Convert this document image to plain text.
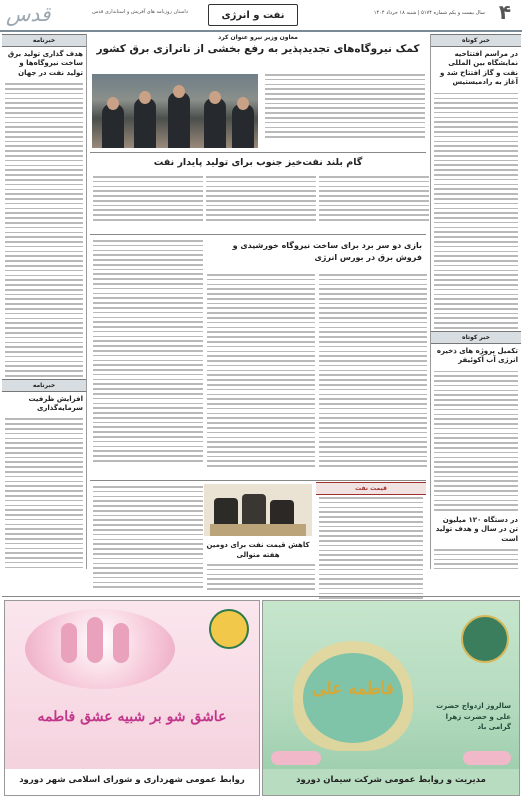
قدس	داستان روزنامه های آفریش و استانداری قدس	نفت و انرژی	سال بیست و یکم شماره ۵۱۷۴ | شنبه ۱۸ خرداد ۱۴۰۴ ۴
خبر کوتاه
در مراسم افتتاحیه نمایشگاه بین المللی نفت و گاز افتتاح شد و آغاز به رادمیستیس
خبر کوتاه
تکمیل پروژه های ذخیره انرژی آب آکوئیفر
در دستگاه ۱۲۰ میلیون تن در سال و هدف تولید است
خبرنامه
هدف گذاری تولید برق ساخت نیروگاه‌ها و تولید نفت در جهان
خبرنامه
افزایش ظرفیت سرمایه‌گذاری
معاون وزیر نیرو عنوان کرد
کمک نیروگاه‌های تجدیدپذیر به رفع بخشی از ناترازی برق کشور
گام بلند نفت‌خیز جنوب برای تولید پایدار نفت
بازی دو سر برد برای ساخت نیروگاه خورشیدی و فروش برق در بورس انرژی
قیمت نفت
کاهش قیمت نفت برای دومین هفته متوالی
فاطمه علی
سالروز ازدواج حضرت علی و حضرت زهرا گرامی باد
مدیریت و روابط عمومی شرکت سیمان دورود
عاشق شو بر شبیه عشق فاطمه
روابط عمومی شهرداری و شورای اسلامی شهر دورود
